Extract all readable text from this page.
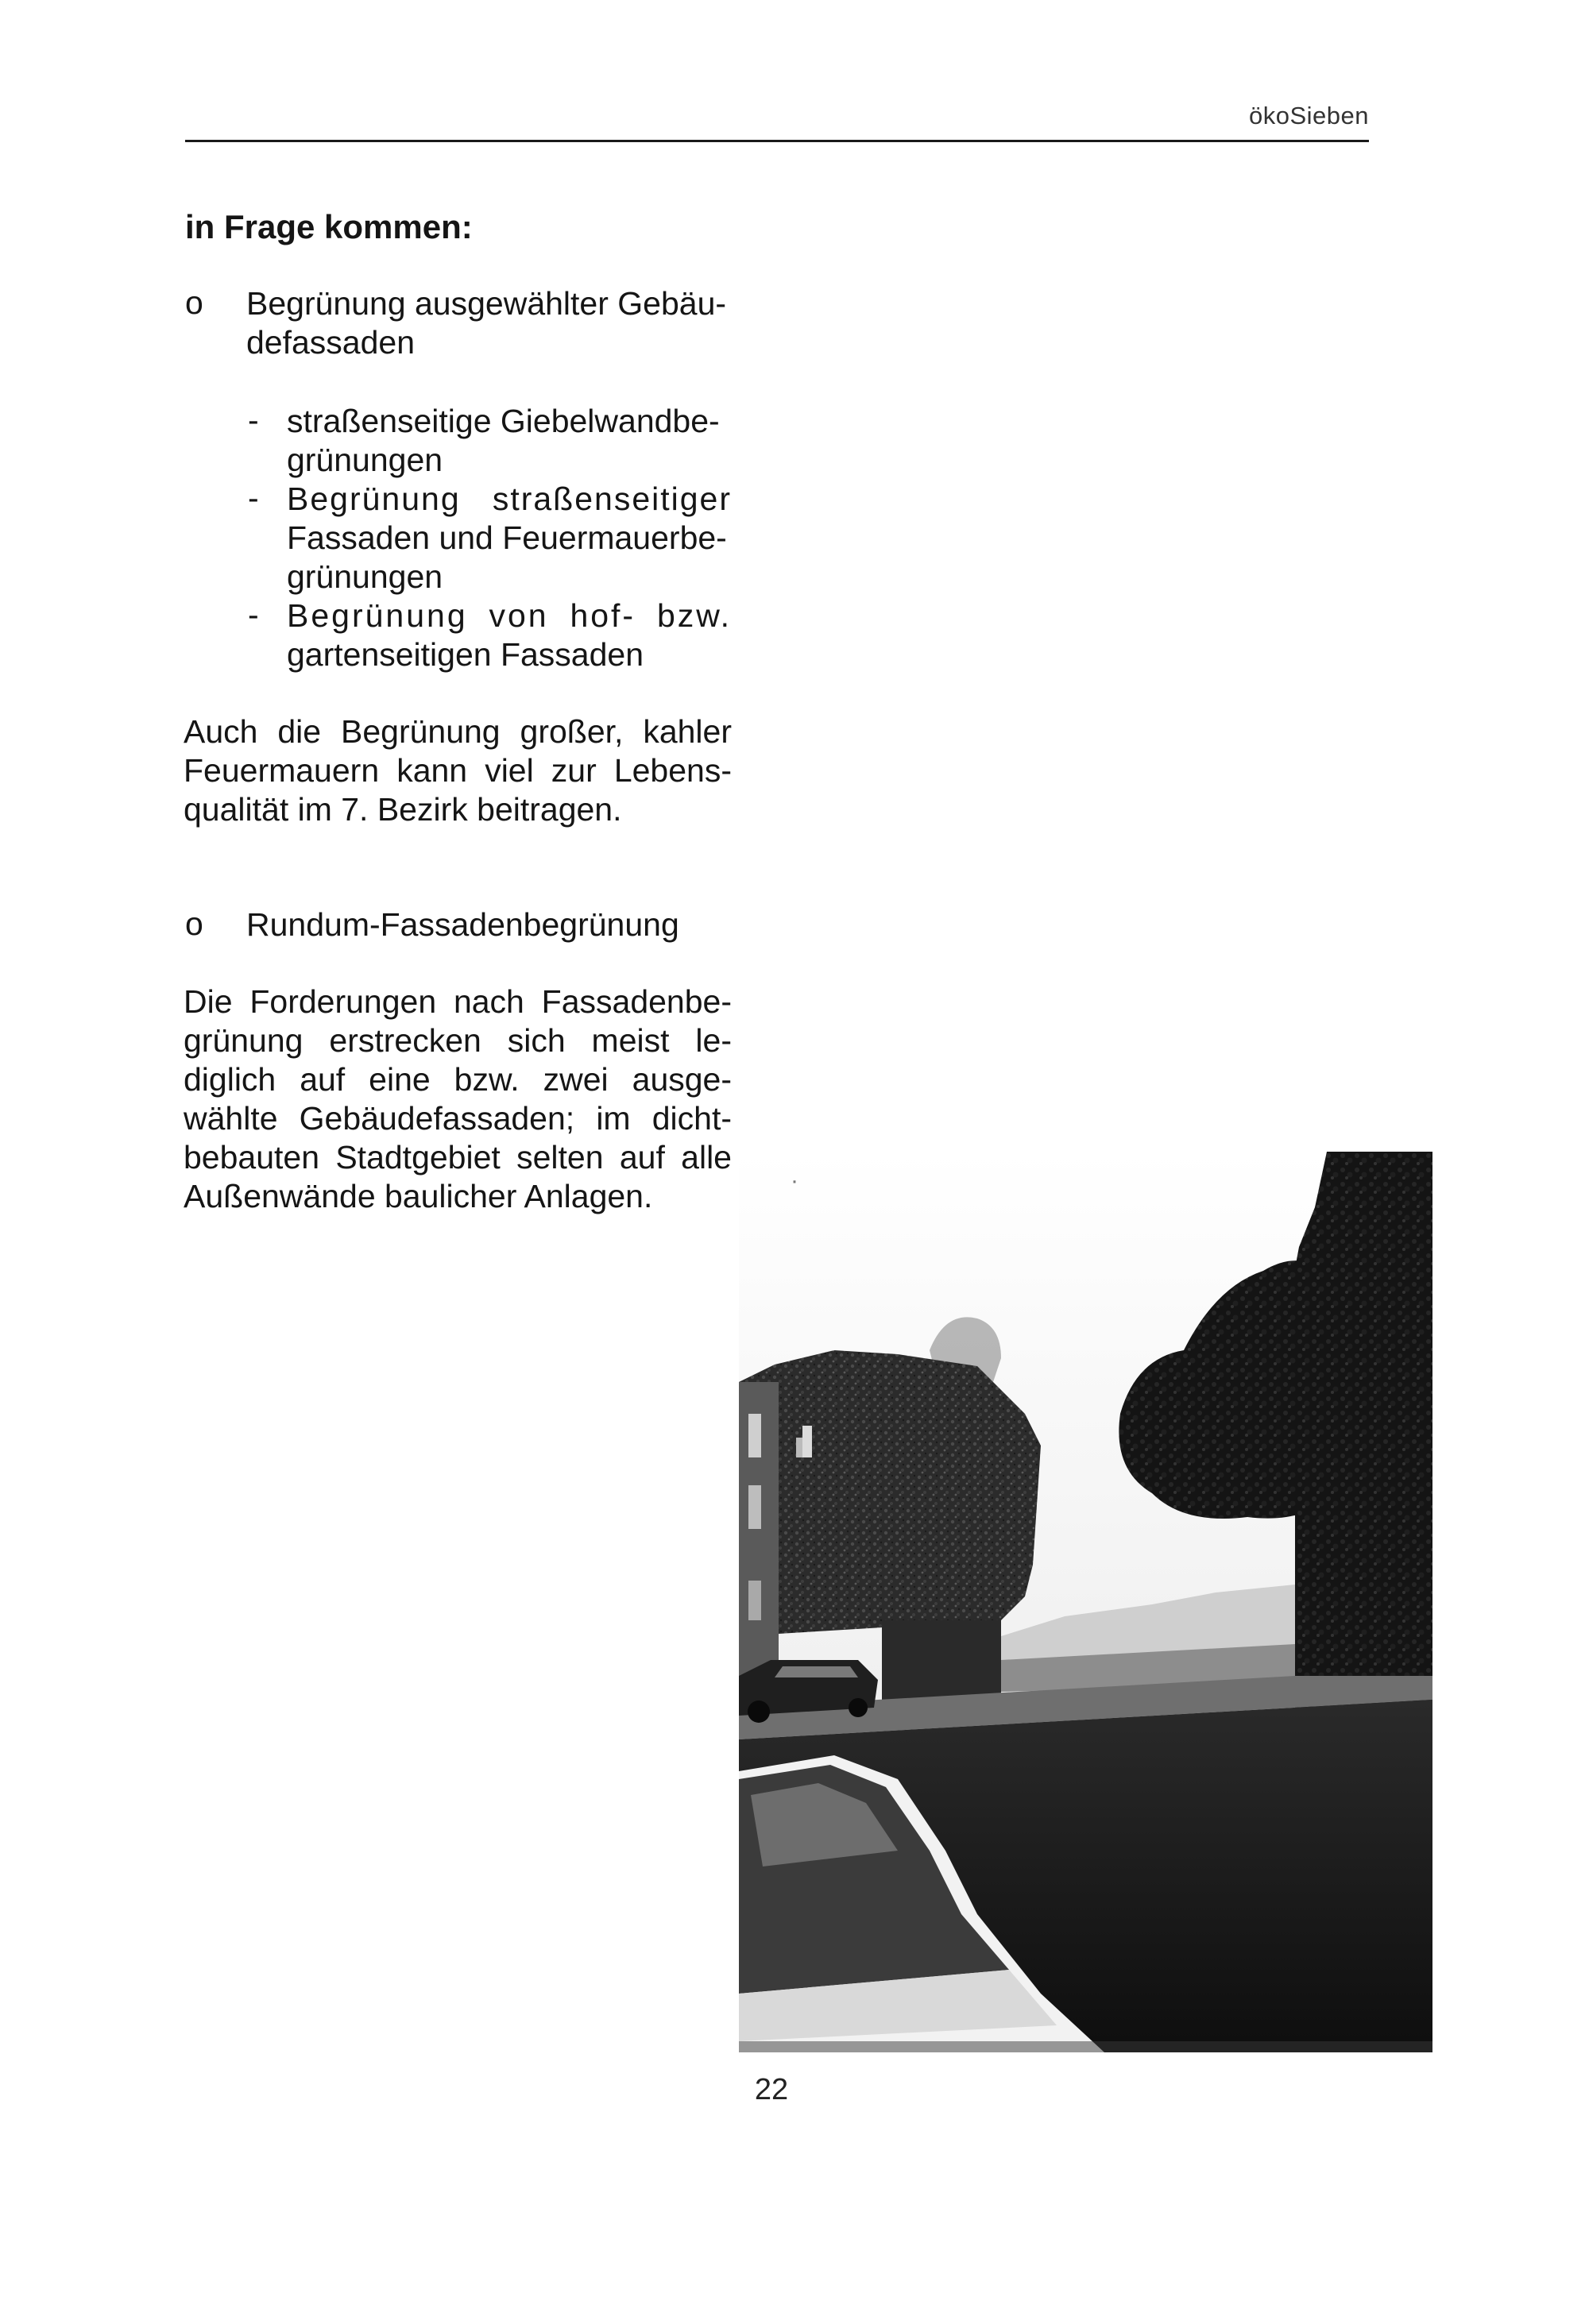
ökoSieben
in Frage kommen:
o Begrünung ausgewählter Gebäu-
defassaden
- straßenseitige Giebelwandbe-
grünungen
- Begrünung straßenseitiger
Fassaden und Feuermauerbe-
grünungen
- Begrünung von hof- bzw.
gartenseitigen Fassaden
Auch die Begrünung großer, kahler
Feuermauern kann viel zur Lebens-
qualität im 7. Bezirk beitragen.
o Rundum-Fassadenbegrünung
Die Forderungen nach Fassadenbe-
grünung erstrecken sich meist le-
diglich auf eine bzw. zwei ausge-
wählte Gebäudefassaden; im dicht-
bebauten Stadtgebiet selten auf alle
Außenwände baulicher Anlagen.	·
22
